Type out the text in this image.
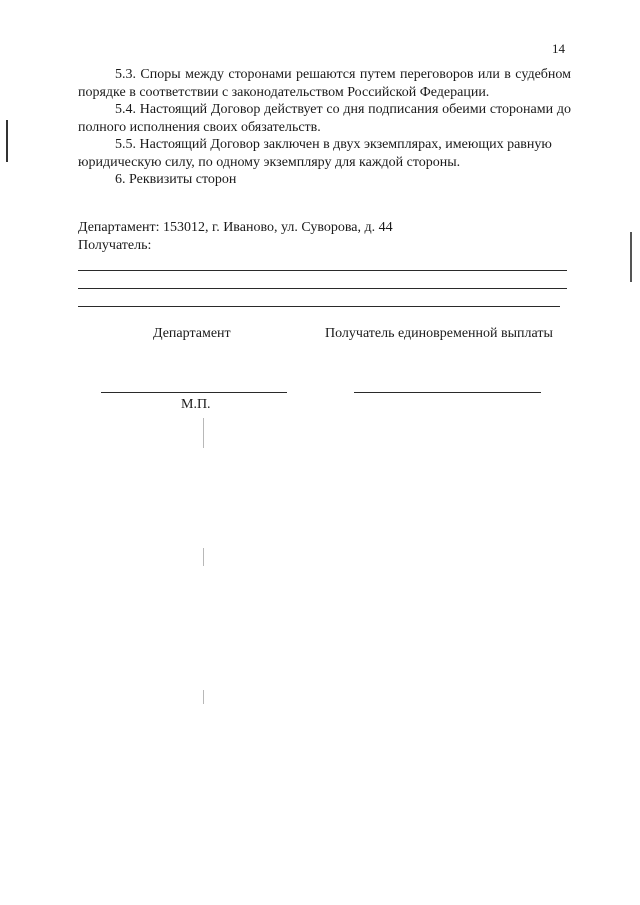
14

5.3. Споры между сторонами решаются путем переговоров или в судебном порядке в соответствии с законодательством Российской Федерации.

5.4. Настоящий Договор действует со дня подписания обеими сторонами до полного исполнения своих обязательств.

5.5. Настоящий Договор заключен в двух экземплярах, имеющих равную юридическую силу, по одному экземпляру для каждой стороны.

6. Реквизиты сторон

Департамент: 153012, г. Иваново, ул. Суворова, д. 44

Получатель:

Департамент	Получатель единовременной выплаты
М.П.
